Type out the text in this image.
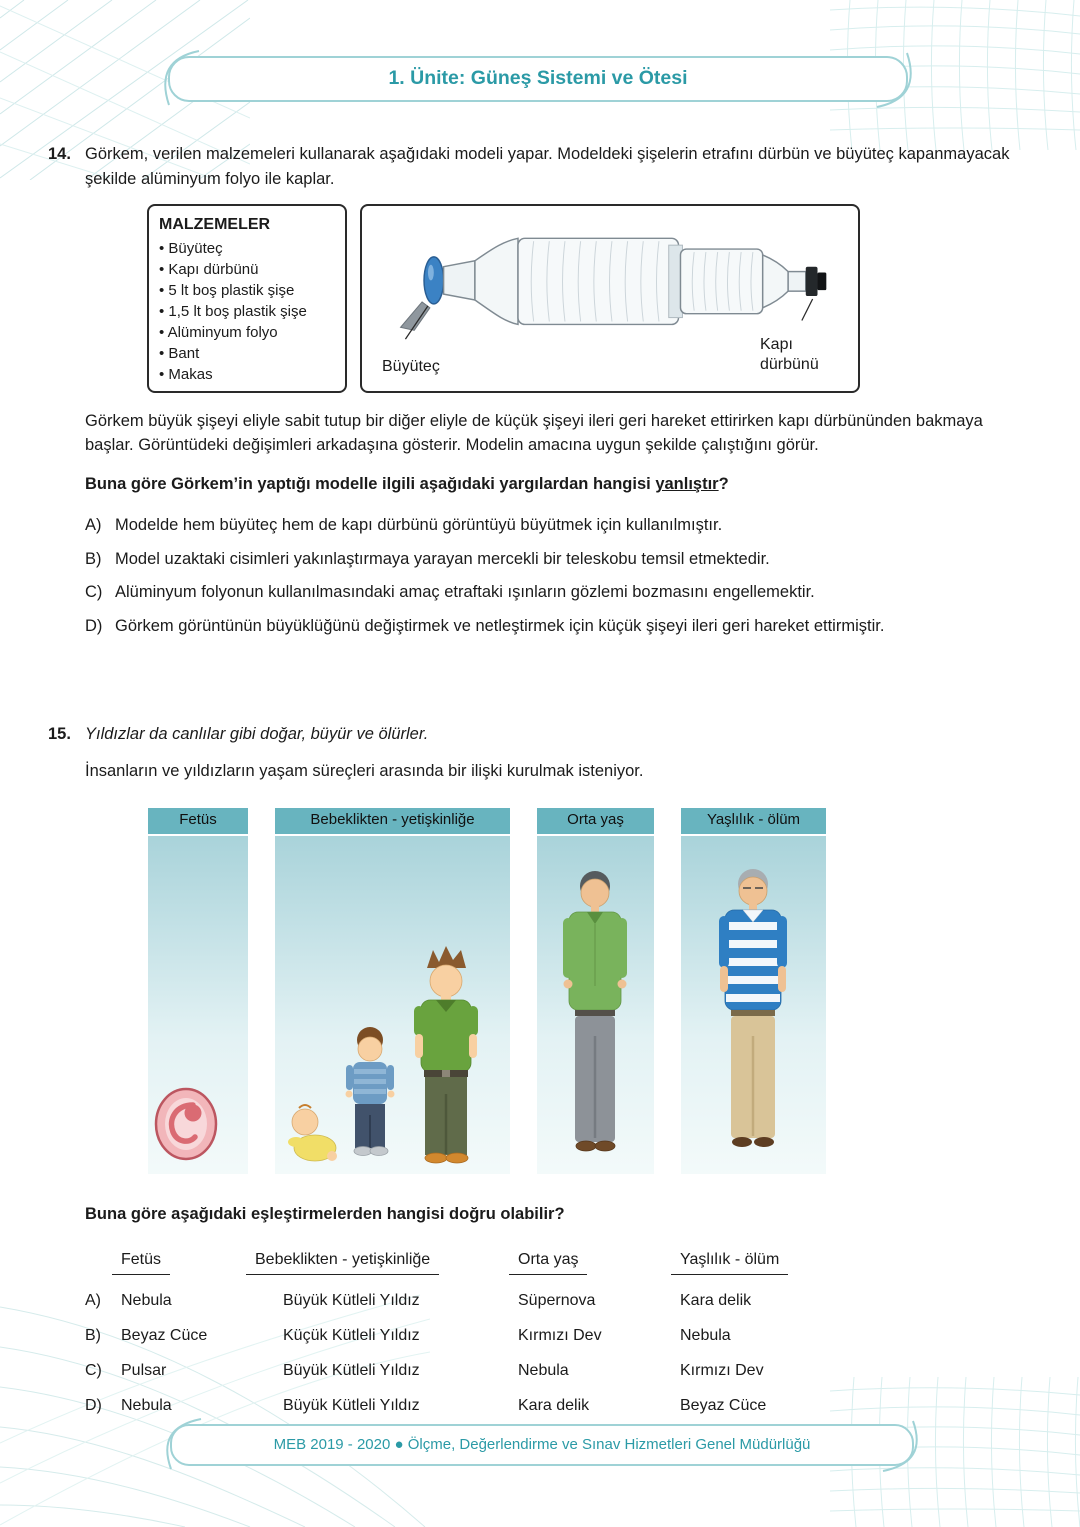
1. Ünite: Güneş Sistemi ve Ötesi
14. Görkem, verilen malzemeleri kullanarak aşağıdaki modeli yapar. Modeldeki şişelerin etrafını dürbün ve büyüteç kapanmayacak şekilde alüminyum folyo ile kaplar.
MALZEMELER
• Büyüteç
• Kapı dürbünü
• 5 lt boş plastik şişe
• 1,5 lt boş plastik şişe
• Alüminyum folyo
• Bant
• Makas	Büyüteç
Kapı dürbünü

Görkem büyük şişeyi eliyle sabit tutup bir diğer eliyle de küçük şişeyi ileri geri hareket ettirirken kapı dürbününden bakmaya başlar. Görüntüdeki değişimleri arkadaşına gösterir. Modelin amacına uygun şekilde çalıştığını görür.

Buna göre Görkem’in yaptığı modelle ilgili aşağıdaki yargılardan hangisi yanlıştır?

A) Modelde hem büyüteç hem de kapı dürbünü görüntüyü büyütmek için kullanılmıştır.
B) Model uzaktaki cisimleri yakınlaştırmaya yarayan mercekli bir teleskobu temsil etmektedir.
C) Alüminyum folyonun kullanılmasındaki amaç etraftaki ışınların gözlemi bozmasını engellemektir.
D) Görkem görüntünün büyüklüğünü değiştirmek ve netleştirmek için küçük şişeyi ileri geri hareket ettirmiştir.
15. Yıldızlar da canlılar gibi doğar, büyür ve ölürler.

İnsanların ve yıldızların yaşam süreçleri arasında bir ilişki kurulmak isteniyor.

Fetüs	Bebeklikten - yetişkinliğe	Orta yaş	Yaşlılık - ölüm

Buna göre aşağıdaki eşleştirmelerden hangisi doğru olabilir?

Fetüs	Bebeklikten - yetişkinliğe	Orta yaş	Yaşlılık - ölüm
A)	Nebula	Büyük Kütleli Yıldız	Süpernova	Kara delik
B)	Beyaz Cüce	Küçük Kütleli Yıldız	Kırmızı Dev	Nebula
C)	Pulsar	Büyük Kütleli Yıldız	Nebula	Kırmızı Dev
D)	Nebula	Büyük Kütleli Yıldız	Kara delik	Beyaz Cüce
MEB 2019 - 2020 ● Ölçme, Değerlendirme ve Sınav Hizmetleri Genel Müdürlüğü
